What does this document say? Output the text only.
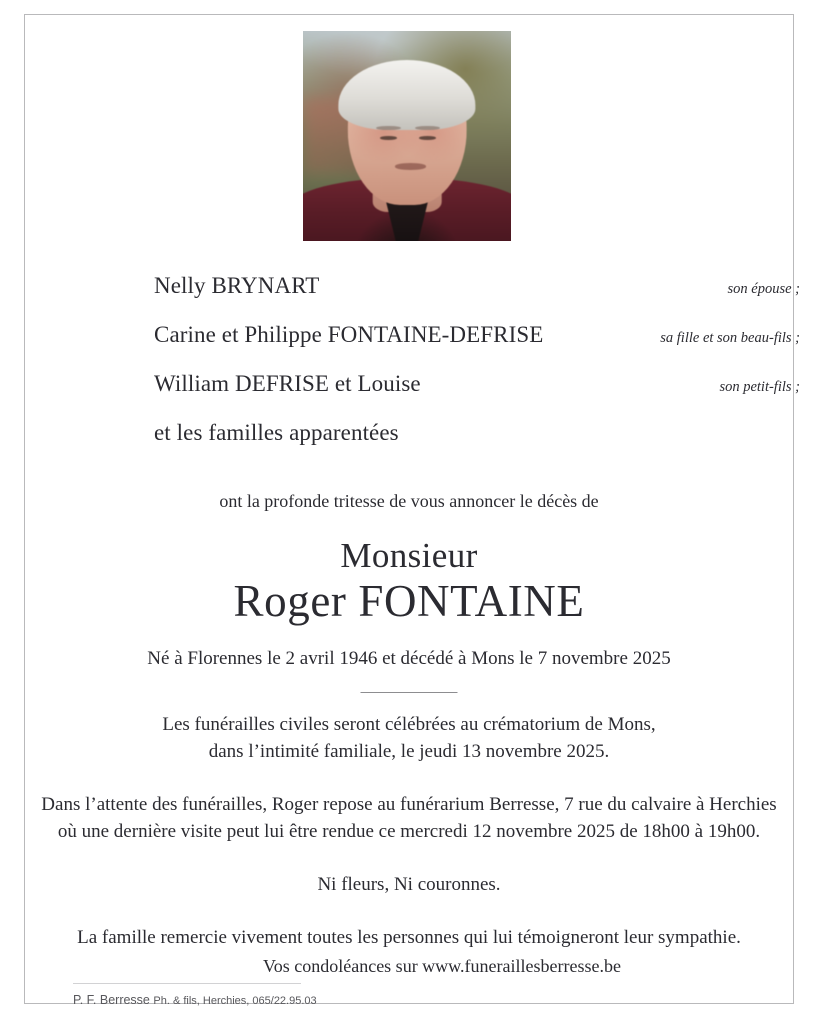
Nelly BRYNART	son épouse ;
Carine et Philippe FONTAINE-DEFRISE	sa fille et son beau-fils ;
William DEFRISE et Louise	son petit-fils ;
et les familles apparentées
ont la profonde tritesse de vous annoncer le décès de
Monsieur
Roger FONTAINE
Né à Florennes le 2 avril 1946 et décédé à Mons le 7 novembre 2025

Les funérailles civiles seront célébrées au crématorium de Mons,

dans l’intimité familiale, le jeudi 13 novembre 2025.

Dans l’attente des funérailles, Roger repose au funérarium Berresse, 7 rue du calvaire à Herchies

où une dernière visite peut lui être rendue ce mercredi 12 novembre 2025 de 18h00 à 19h00.

Ni fleurs, Ni couronnes.

La famille remercie vivement toutes les personnes qui lui témoigneront leur sympathie.

Vos condoléances sur www.funeraillesberresse.be
P. F. Berresse Ph. & fils, Herchies, 065/22.95.03
